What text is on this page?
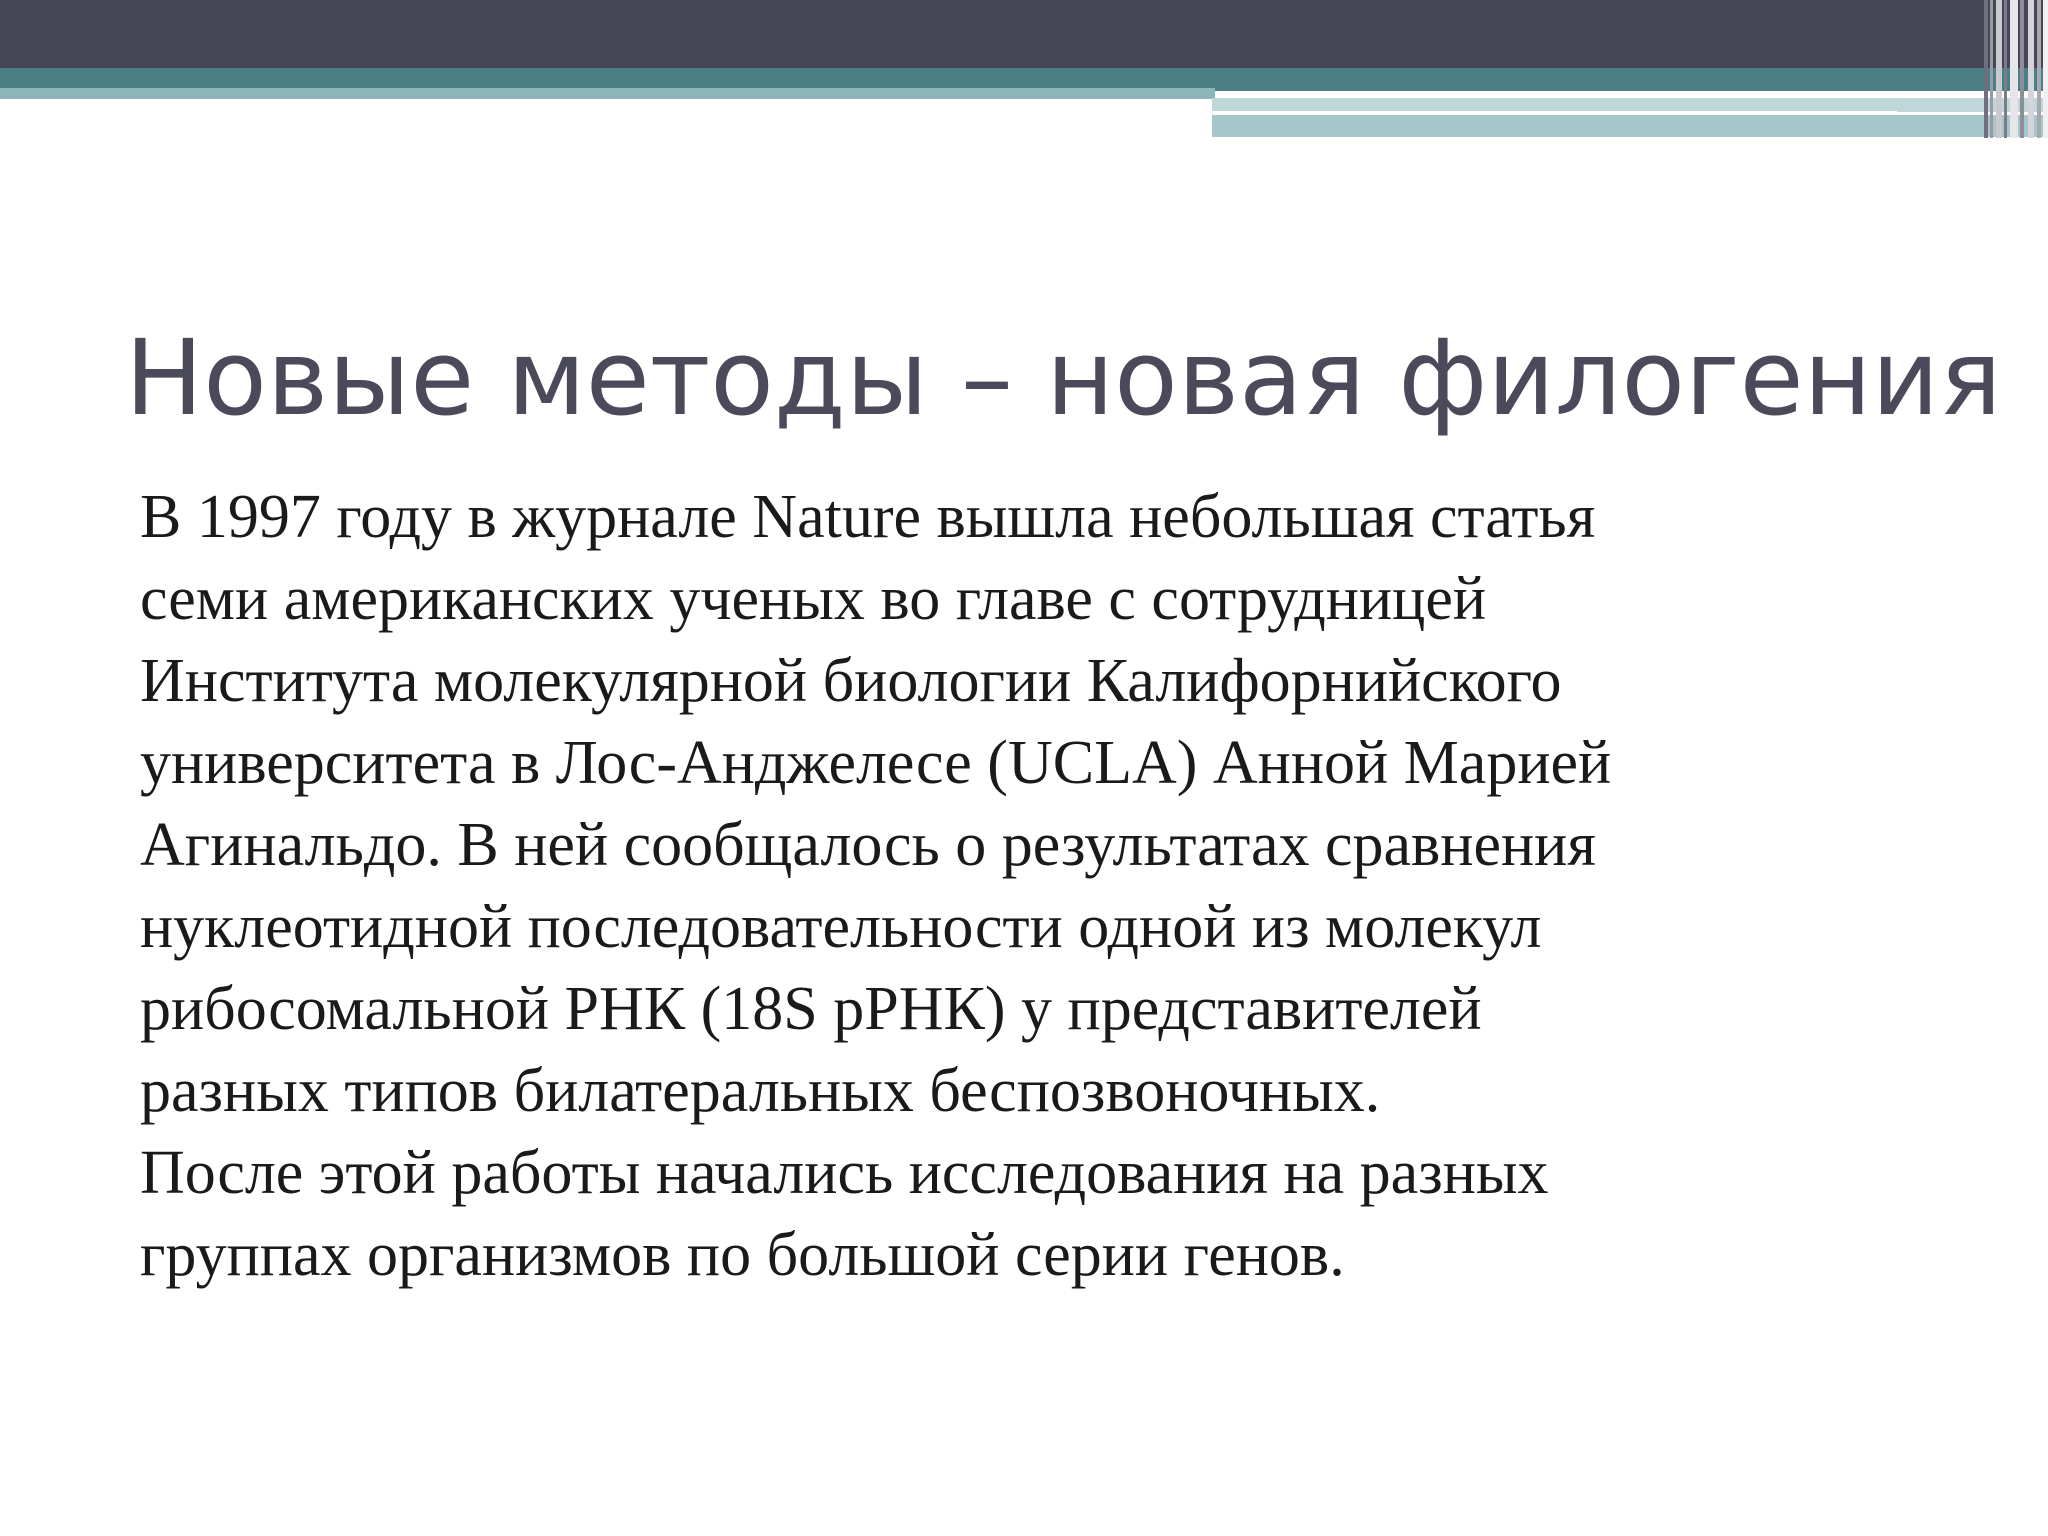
Новые методы – новая филогения
В 1997 году в журнале Nature вышла небольшая статья
семи американских ученых во главе с сотрудницей
Института молекулярной биологии Калифорнийского
университета в Лос-Анджелесе (UCLA) Анной Марией
Агинальдо. В ней сообщалось о результатах сравнения
нуклеотидной последовательности одной из молекул
рибосомальной РНК (18S рРНК) у представителей
разных типов билатеральных беспозвоночных.
После этой работы начались исследования на разных
группах организмов по большой серии генов.
